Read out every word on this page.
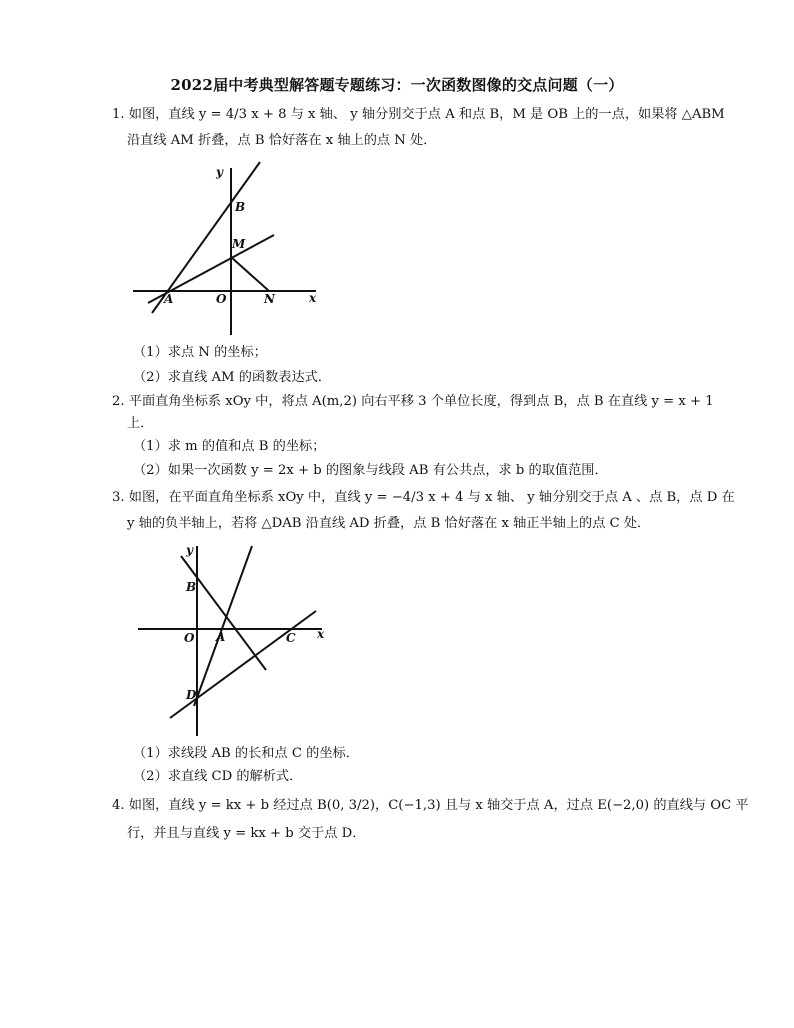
2022届中考典型解答题专题练习：一次函数图像的交点问题（一）
1. 如图，直线 y = 4/3 x + 8 与 x 轴、 y 轴分别交于点 A 和点 B，M 是 OB 上的一点，如果将 △ABM
沿直线 AM 折叠，点 B 恰好落在 x 轴上的点 N 处．
y
B
M
A	O	N	x
（1）求点 N 的坐标；
（2）求直线 AM 的函数表达式．
2. 平面直角坐标系 xOy 中，将点 A(m,2) 向右平移 3 个单位长度，得到点 B，点 B 在直线 y = x + 1
上．
（1）求 m 的值和点 B 的坐标；
（2）如果一次函数 y = 2x + b 的图象与线段 AB 有公共点，求 b 的取值范围．
3. 如图，在平面直角坐标系 xOy 中，直线 y = −4/3 x + 4 与 x 轴、 y 轴分别交于点 A 、点 B，点 D 在
y 轴的负半轴上，若将 △DAB 沿直线 AD 折叠，点 B 恰好落在 x 轴正半轴上的点 C 处．
y
B
O A	C x
D
（1）求线段 AB 的长和点 C 的坐标．
（2）求直线 CD 的解析式．
4. 如图，直线 y = kx + b 经过点 B(0, 3/2)，C(−1,3) 且与 x 轴交于点 A，过点 E(−2,0) 的直线与 OC 平
行，并且与直线 y = kx + b 交于点 D．
